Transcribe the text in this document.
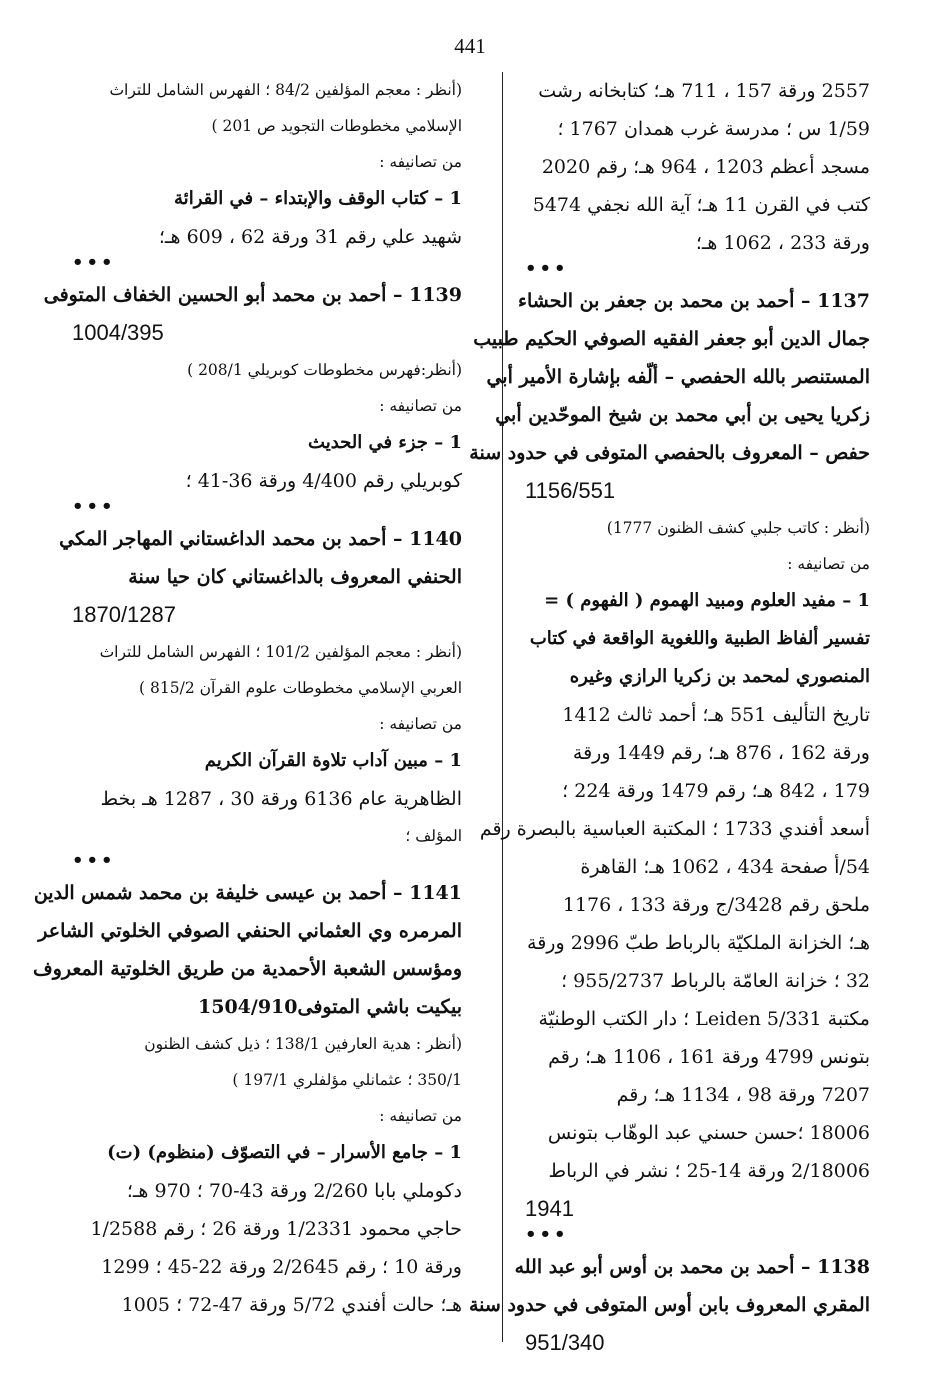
441
2557 ورقة 157 ، 711 هـ؛ كتابخانه رشت
1/59 س ؛ مدرسة غرب همدان 1767 ؛
مسجد أعظم 1203 ، 964 هـ؛ رقم 2020
كتب في القرن 11 هـ؛ آية الله نجفي 5474
ورقة 233 ، 1062 هـ؛
•••
1137 – أحمد بن محمد بن جعفر بن الحشاء
جمال الدين أبو جعفر الفقيه الصوفي الحكيم طبيب
المستنصر بالله الحفصي – ألّفه بإشارة الأمير أبي
زكريا يحيى بن أبي محمد بن شيخ الموحّدين أبي
حفص – المعروف بالحفصي المتوفى في حدود سنة
1156/551
(أنظر : كاتب جلبي كشف الظنون 1777)
من تصانيفه :
1 – مفيد العلوم ومبيد الهموم ( الفهوم ) =
تفسير ألفاظ الطبية واللغوية الواقعة في كتاب
المنصوري لمحمد بن زكريا الرازي وغيره
تاريخ التأليف 551 هـ؛ أحمد ثالث 1412
ورقة 162 ، 876 هـ؛ رقم 1449 ورقة
179 ، 842 هـ؛ رقم 1479 ورقة 224 ؛
أسعد أفندي 1733 ؛ المكتبة العباسية بالبصرة رقم
54/أ صفحة 434 ، 1062 هـ؛ القاهرة
ملحق رقم 3428/ج ورقة 133 ، 1176
هـ؛ الخزانة الملكيّة بالرباط طبّ 2996 ورقة
32 ؛ خزانة العامّة بالرباط 955/2737 ؛
مكتبة Leiden 5/331 ؛ دار الكتب الوطنيّة
بتونس 4799 ورقة 161 ، 1106 هـ؛ رقم
7207 ورقة 98 ، 1134 هـ؛ رقم
18006 ؛حسن حسني عبد الوهّاب بتونس
2/18006 ورقة 14-25 ؛ نشر في الرباط
1941
•••
1138 – أحمد بن محمد بن أوس أبو عبد الله
المقري المعروف بابن أوس المتوفى في حدود سنة
951/340
(أنظر : معجم المؤلفين 84/2 ؛ الفهرس الشامل للتراث
الإسلامي مخطوطات التجويد ص 201 )
من تصانيفه :
1 – كتاب الوقف والإبتداء – في القرائة
شهيد علي رقم 31 ورقة 62 ، 609 هـ؛
•••
1139 – أحمد بن محمد أبو الحسين الخفاف المتوفى
1004/395
(أنظر:فهرس مخطوطات كوبريلي 208/1 )
من تصانيفه :
1 – جزء في الحديث
كوبريلي رقم 4/400 ورقة 36-41 ؛
•••
1140 – أحمد بن محمد الداغستاني المهاجر المكي
الحنفي المعروف بالداغستاني كان حيا سنة
1870/1287
(أنظر : معجم المؤلفين 101/2 ؛ الفهرس الشامل للتراث
العربي الإسلامي مخطوطات علوم القرآن 815/2 )
من تصانيفه :
1 – مبين آداب تلاوة القرآن الكريم
الظاهرية عام 6136 ورقة 30 ، 1287 هـ بخط
المؤلف ؛
•••
1141 – أحمد بن عيسى خليفة بن محمد شمس الدين
المرمره وي العثماني الحنفي الصوفي الخلوتي الشاعر
ومؤسس الشعبة الأحمدية من طريق الخلوتية المعروف
بيكيت باشي المتوفى1504/910
(أنظر : هدية العارفين 138/1 ؛ ذيل كشف الظنون
350/1 ؛ عثمانلي مؤلفلري 197/1 )
من تصانيفه :
1 – جامع الأسرار – في التصوّف (منظوم) (ت)
دكوملي بابا 2/260 ورقة 43-70 ؛ 970 هـ؛
حاجي محمود 1/2331 ورقة 26 ؛ رقم 1/2588
ورقة 10 ؛ رقم 2/2645 ورقة 22-45 ؛ 1299
هـ؛ حالت أفندي 5/72 ورقة 47-72 ؛ 1005
